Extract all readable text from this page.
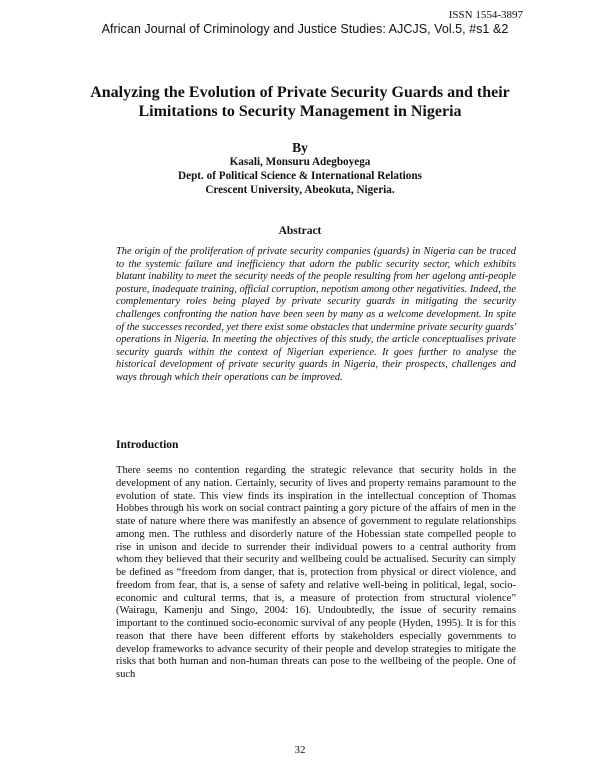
ISSN 1554-3897
African Journal of Criminology and Justice Studies: AJCJS, Vol.5, #s1 &2
Analyzing the Evolution of Private Security Guards and their Limitations to Security Management in Nigeria
By
Kasali, Monsuru Adegboyega
Dept. of Political Science & International Relations
Crescent University, Abeokuta, Nigeria.
Abstract

The origin of the proliferation of private security companies (guards) in Nigeria can be traced to the systemic failure and inefficiency that adorn the public security sector, which exhibits blatant inability to meet the security needs of the people resulting from her agelong anti-people posture, inadequate training, official corruption, nepotism among other negativities. Indeed, the complementary roles being played by private security guards in mitigating the security challenges confronting the nation have been seen by many as a welcome development. In spite of the successes recorded, yet there exist some obstacles that undermine private security guards' operations in Nigeria. In meeting the objectives of this study, the article conceptualises private security guards within the context of Nigerian experience. It goes further to analyse the historical development of private security guards in Nigeria, their prospects, challenges and ways through which their operations can be improved.

Introduction

There seems no contention regarding the strategic relevance that security holds in the development of any nation. Certainly, security of lives and property remains paramount to the evolution of state. This view finds its inspiration in the intellectual conception of Thomas Hobbes through his work on social contract painting a gory picture of the affairs of men in the state of nature where there was manifestly an absence of government to regulate relationships among men. The ruthless and disorderly nature of the Hobessian state compelled people to rise in unison and decide to surrender their individual powers to a central authority from whom they believed that their security and wellbeing could be actualised. Security can simply be defined as “freedom from danger, that is, protection from physical or direct violence, and freedom from fear, that is, a sense of safety and relative well-being in political, legal, socio-economic and cultural terms, that is, a measure of protection from structural violence” (Wairagu, Kamenju and Singo, 2004: 16). Undoubtedly, the issue of security remains important to the continued socio-economic survival of any people (Hyden, 1995). It is for this reason that there have been different efforts by stakeholders especially governments to develop frameworks to advance security of their people and develop strategies to mitigate the risks that both human and non-human threats can pose to the wellbeing of the people. One of such

32
